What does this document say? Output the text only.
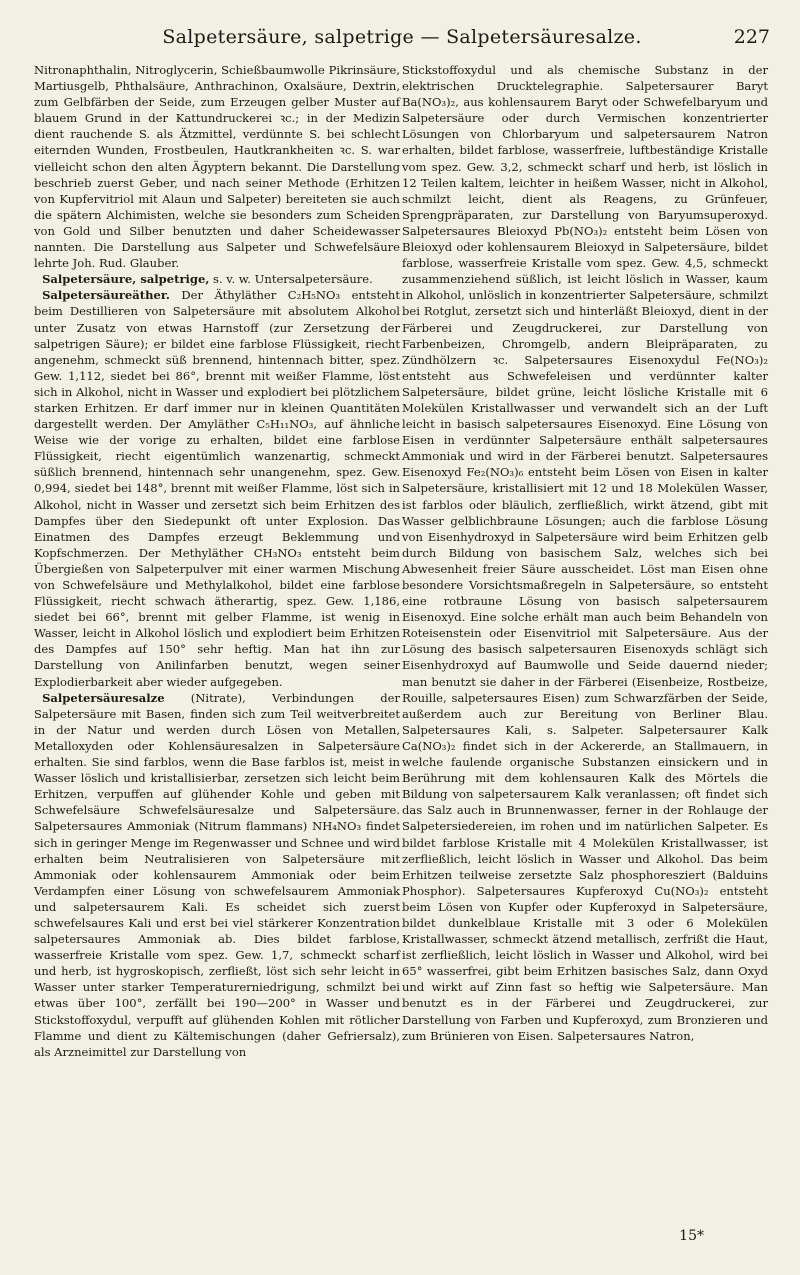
Salpetersäure, salpetrige — Salpetersäuresalze.	227

Nitronaphthalin, Nitroglycerin, Schießbaumwolle Pikrinsäure, Martiusgelb, Phthalsäure, Anthrachinon, Oxalsäure, Dextrin, zum Gelbfärben der Seide, zum Erzeugen gelber Muster auf blauem Grund in der Kattundruckerei ꝛc.; in der Medizin dient rauchende S. als Ätzmittel, verdünnte S. bei schlecht eiternden Wunden, Frostbeulen, Hautkrankheiten ꝛc. S. war vielleicht schon den alten Ägyptern bekannt. Die Darstellung beschrieb zuerst Geber, und nach seiner Methode (Erhitzen von Kupfervitriol mit Alaun und Salpeter) bereiteten sie auch die spätern Alchimisten, welche sie besonders zum Scheiden von Gold und Silber benutzten und daher Scheidewasser nannten. Die Darstellung aus Salpeter und Schwefelsäure lehrte Joh. Rud. Glauber.

Salpetersäure, salpetrige, s. v. w. Untersalpetersäure.

Salpetersäureäther. Der Äthyläther C₂H₅NO₃ entsteht beim Destillieren von Salpetersäure mit absolutem Alkohol unter Zusatz von etwas Harnstoff (zur Zersetzung der salpetrigen Säure); er bildet eine farblose Flüssigkeit, riecht angenehm, schmeckt süß brennend, hintennach bitter, spez. Gew. 1,112, siedet bei 86°, brennt mit weißer Flamme, löst sich in Alkohol, nicht in Wasser und explodiert bei plötzlichem starken Erhitzen. Er darf immer nur in kleinen Quantitäten dargestellt werden. Der Amyläther C₅H₁₁NO₃, auf ähnliche Weise wie der vorige zu erhalten, bildet eine farblose Flüssigkeit, riecht eigentümlich wanzenartig, schmeckt süßlich brennend, hintennach sehr unangenehm, spez. Gew. 0,994, siedet bei 148°, brennt mit weißer Flamme, löst sich in Alkohol, nicht in Wasser und zersetzt sich beim Erhitzen des Dampfes über den Siedepunkt oft unter Explosion. Das Einatmen des Dampfes erzeugt Beklemmung und Kopfschmerzen. Der Methyläther CH₃NO₃ entsteht beim Übergießen von Salpeterpulver mit einer warmen Mischung von Schwefelsäure und Methylalkohol, bildet eine farblose Flüssigkeit, riecht schwach ätherartig, spez. Gew. 1,186, siedet bei 66°, brennt mit gelber Flamme, ist wenig in Wasser, leicht in Alkohol löslich und explodiert beim Erhitzen des Dampfes auf 150° sehr heftig. Man hat ihn zur Darstellung von Anilinfarben benutzt, wegen seiner Explodierbarkeit aber wieder aufgegeben.

Salpetersäuresalze (Nitrate), Verbindungen der Salpetersäure mit Basen, finden sich zum Teil weitverbreitet in der Natur und werden durch Lösen von Metallen, Metalloxyden oder Kohlensäuresalzen in Salpetersäure erhalten. Sie sind farblos, wenn die Base farblos ist, meist in Wasser löslich und kristallisierbar, zersetzen sich leicht beim Erhitzen, verpuffen auf glühender Kohle und geben mit Schwefelsäure Schwefelsäuresalze und Salpetersäure. Salpetersaures Ammoniak (Nitrum flammans) NH₄NO₃ findet sich in geringer Menge im Regenwasser und Schnee und wird erhalten beim Neutralisieren von Salpetersäure mit Ammoniak oder kohlensaurem Ammoniak oder beim Verdampfen einer Lösung von schwefelsaurem Ammoniak und salpetersaurem Kali. Es scheidet sich zuerst schwefelsaures Kali und erst bei viel stärkerer Konzentration salpetersaures Ammoniak ab. Dies bildet farblose, wasserfreie Kristalle vom spez. Gew. 1,7, schmeckt scharf und herb, ist hygroskopisch, zerfließt, löst sich sehr leicht in Wasser unter starker Temperaturerniedrigung, schmilzt bei etwas über 100°, zerfällt bei 190—200° in Wasser und Stickstoffoxydul, verpufft auf glühenden Kohlen mit rötlicher Flamme und dient zu Kältemischungen (daher Gefriersalz), als Arzneimittel zur Darstellung von

Stickstoffoxydul und als chemische Substanz in der elektrischen Drucktelegraphie. Salpetersaurer Baryt Ba(NO₃)₂, aus kohlensaurem Baryt oder Schwefelbaryum und Salpetersäure oder durch Vermischen konzentrierter Lösungen von Chlorbaryum und salpetersaurem Natron erhalten, bildet farblose, wasserfreie, luftbeständige Kristalle vom spez. Gew. 3,2, schmeckt scharf und herb, ist löslich in 12 Teilen kaltem, leichter in heißem Wasser, nicht in Alkohol, schmilzt leicht, dient als Reagens, zu Grünfeuer, Sprengpräparaten, zur Darstellung von Baryumsuperoxyd. Salpetersaures Bleioxyd Pb(NO₃)₂ entsteht beim Lösen von Bleioxyd oder kohlensaurem Bleioxyd in Salpetersäure, bildet farblose, wasserfreie Kristalle vom spez. Gew. 4,5, schmeckt zusammenziehend süßlich, ist leicht löslich in Wasser, kaum in Alkohol, unlöslich in konzentrierter Salpetersäure, schmilzt bei Rotglut, zersetzt sich und hinterläßt Bleioxyd, dient in der Färberei und Zeugdruckerei, zur Darstellung von Farbenbeizen, Chromgelb, andern Bleipräparaten, zu Zündhölzern ꝛc. Salpetersaures Eisenoxydul Fe(NO₃)₂ entsteht aus Schwefeleisen und verdünnter kalter Salpetersäure, bildet grüne, leicht lösliche Kristalle mit 6 Molekülen Kristallwasser und verwandelt sich an der Luft leicht in basisch salpetersaures Eisenoxyd. Eine Lösung von Eisen in verdünnter Salpetersäure enthält salpetersaures Ammoniak und wird in der Färberei benutzt. Salpetersaures Eisenoxyd Fe₂(NO₃)₆ entsteht beim Lösen von Eisen in kalter Salpetersäure, kristallisiert mit 12 und 18 Molekülen Wasser, ist farblos oder bläulich, zerfließlich, wirkt ätzend, gibt mit Wasser gelblichbraune Lösungen; auch die farblose Lösung von Eisenhydroxyd in Salpetersäure wird beim Erhitzen gelb durch Bildung von basischem Salz, welches sich bei Abwesenheit freier Säure ausscheidet. Löst man Eisen ohne besondere Vorsichtsmaßregeln in Salpetersäure, so entsteht eine rotbraune Lösung von basisch salpetersaurem Eisenoxyd. Eine solche erhält man auch beim Behandeln von Roteisenstein oder Eisenvitriol mit Salpetersäure. Aus der Lösung des basisch salpetersauren Eisenoxyds schlägt sich Eisenhydroxyd auf Baumwolle und Seide dauernd nieder; man benutzt sie daher in der Färberei (Eisenbeize, Rostbeize, Rouille, salpetersaures Eisen) zum Schwarzfärben der Seide, außerdem auch zur Bereitung von Berliner Blau. Salpetersaures Kali, s. Salpeter. Salpetersaurer Kalk Ca(NO₃)₂ findet sich in der Ackererde, an Stallmauern, in welche faulende organische Substanzen einsickern und in Berührung mit dem kohlensauren Kalk des Mörtels die Bildung von salpetersaurem Kalk veranlassen; oft findet sich das Salz auch in Brunnenwasser, ferner in der Rohlauge der Salpetersiedereien, im rohen und im natürlichen Salpeter. Es bildet farblose Kristalle mit 4 Molekülen Kristallwasser, ist zerfließlich, leicht löslich in Wasser und Alkohol. Das beim Erhitzen teilweise zersetzte Salz phosphoresziert (Balduins Phosphor). Salpetersaures Kupferoxyd Cu(NO₃)₂ entsteht beim Lösen von Kupfer oder Kupferoxyd in Salpetersäure, bildet dunkelblaue Kristalle mit 3 oder 6 Molekülen Kristallwasser, schmeckt ätzend metallisch, zerfrißt die Haut, ist zerfließlich, leicht löslich in Wasser und Alkohol, wird bei 65° wasserfrei, gibt beim Erhitzen basisches Salz, dann Oxyd und wirkt auf Zinn fast so heftig wie Salpetersäure. Man benutzt es in der Färberei und Zeugdruckerei, zur Darstellung von Farben und Kupferoxyd, zum Bronzieren und zum Brünieren von Eisen. Salpetersaures Natron,

15*
